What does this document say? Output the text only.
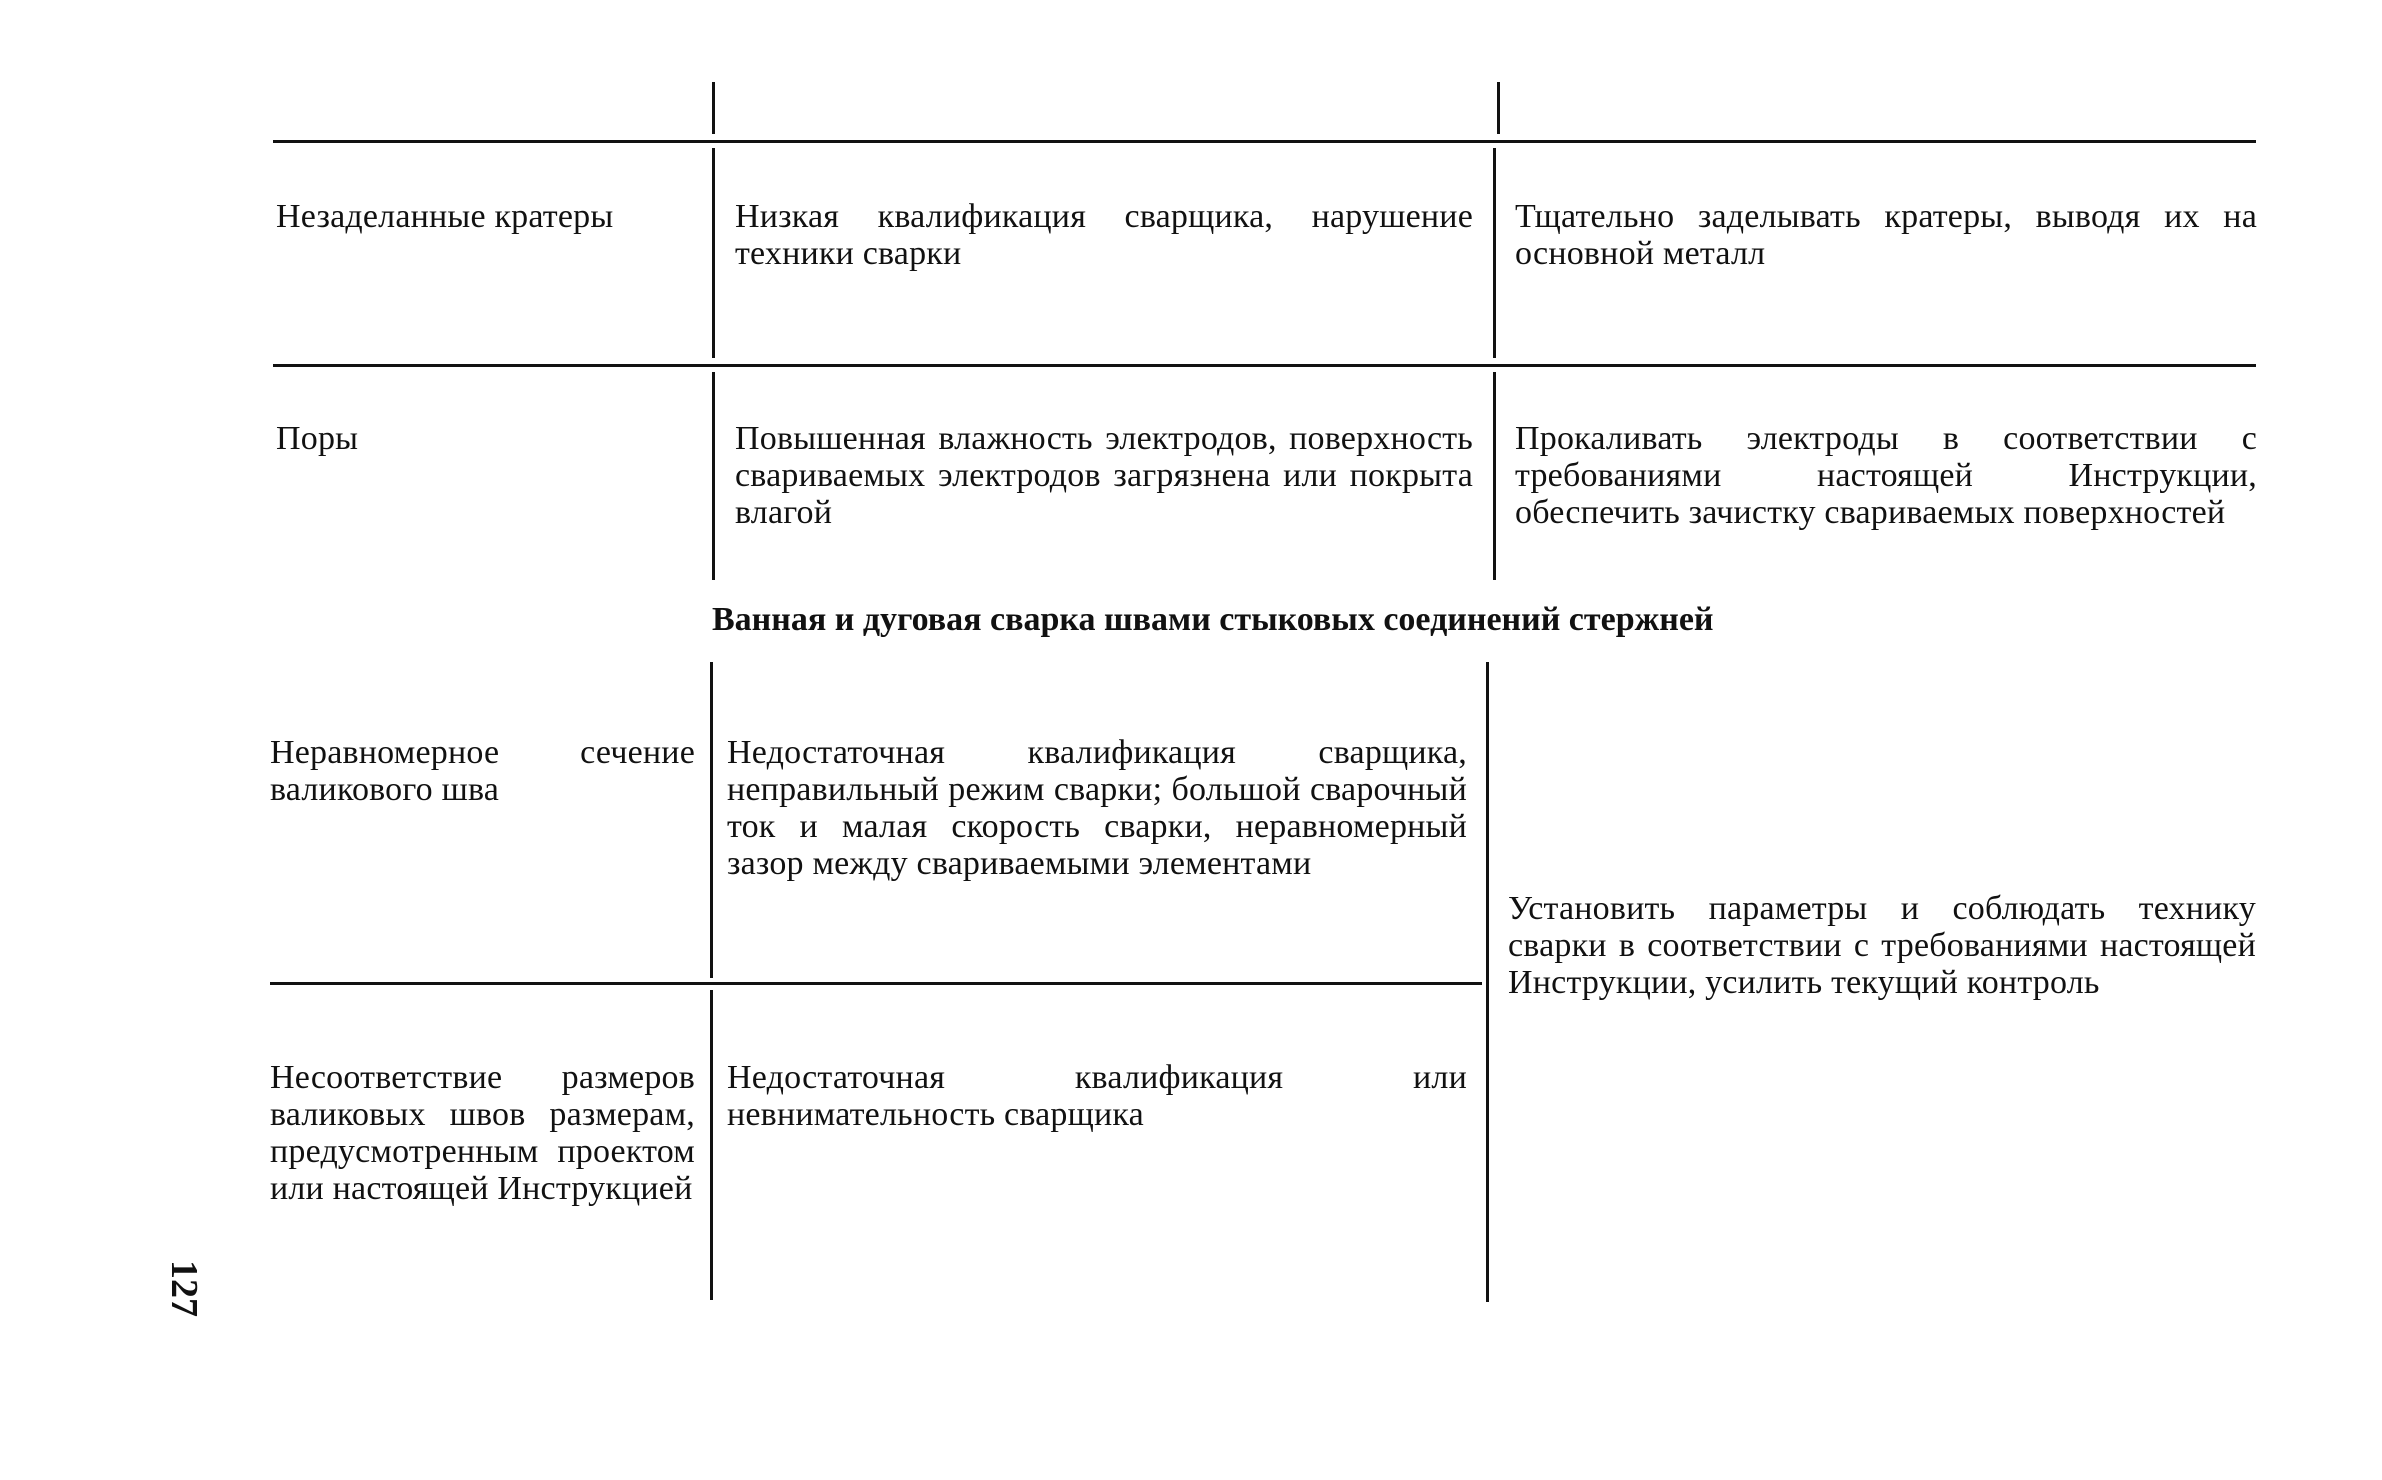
Незаделанные кратеры	Низкая квалификация сварщика, нарушение техники сварки
Тщательно заделывать кратеры, выводя их на основной металл
Поры	Повышенная влажность электродов, поверхность свариваемых электродов загрязнена или покрыта влагой
Прокаливать электроды в соответствии с требованиями настоящей Инструкции, обеспечить зачистку свариваемых поверхностей
Ванная и дуговая сварка швами стыковых соединений стержней
Неравномерное сечение валикового шва
Недостаточная квалификация сварщика, неправильный режим сварки; большой сварочный ток и малая скорость сварки, неравномерный зазор между свариваемыми элементами
Несоответствие размеров валиковых швов размерам, предусмотренным проектом или настоящей Инструкцией
Недостаточная квалификация или невнимательность сварщика
Установить параметры и соблюдать технику сварки в соответствии с требованиями настоящей Инструкции, усилить текущий контроль
127
